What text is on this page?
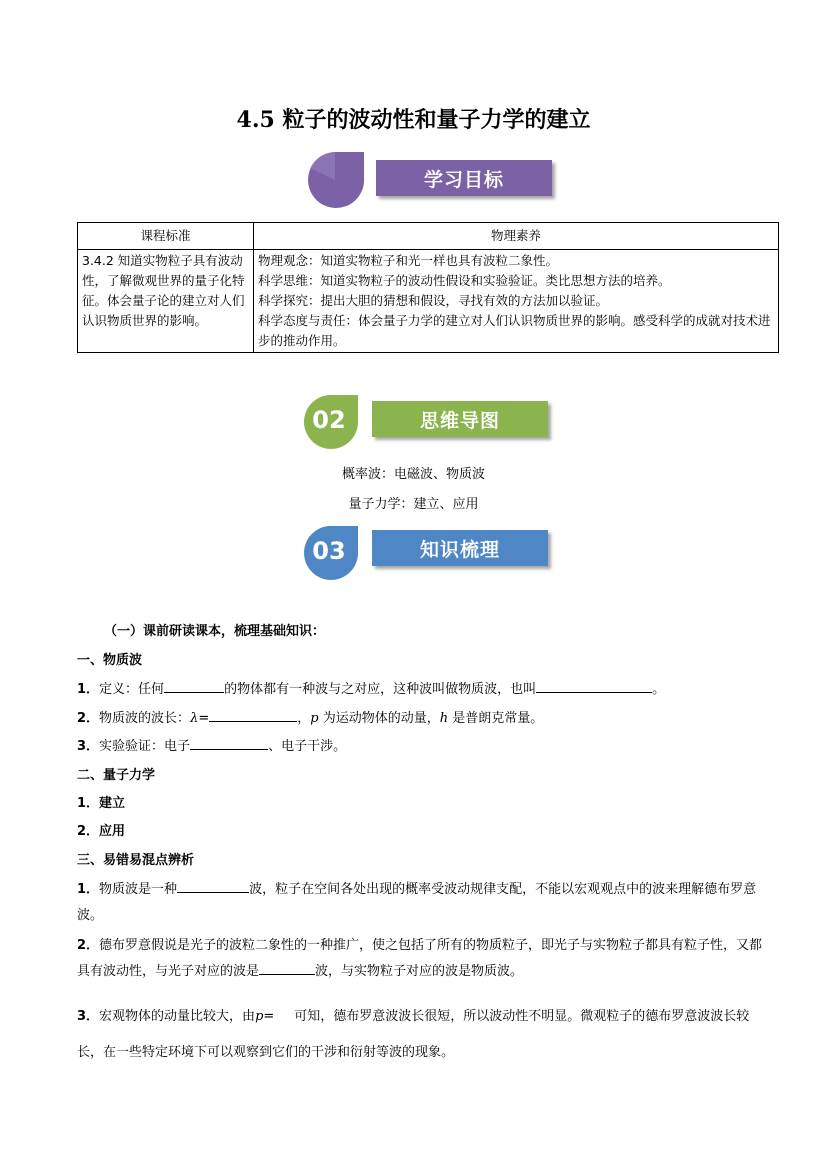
4.5 粒子的波动性和量子力学的建立
学习目标
课程标准	物理素养
3.4.2 知道实物粒子具有波动性，了解微观世界的量子化特征。体会量子论的建立对人们认识物质世界的影响。	物理观念：知道实物粒子和光一样也具有波粒二象性。
科学思维：知道实物粒子的波动性假设和实验验证。类比思想方法的培养。
科学探究：提出大胆的猜想和假设，寻找有效的方法加以验证。
科学态度与责任：体会量子力学的建立对人们认识物质世界的影响。感受科学的成就对技术进步的推动作用。
02	思维导图
概率波：电磁波、物质波
量子力学：建立、应用
03	知识梳理
（一）课前研读课本，梳理基础知识：
一、物质波
1．定义：任何	的物体都有一种波与之对应，这种波叫做物质波，也叫	。
2．物质波的波长：λ=	，p 为运动物体的动量，h 是普朗克常量。
3．实验验证：电子	、电子干涉。
二、量子力学
1．建立
2．应用
三、易错易混点辨析
1．物质波是一种	波，粒子在空间各处出现的概率受波动规律支配，不能以宏观观点中的波来理解德布罗意波。
2．德布罗意假说是光子的波粒二象性的一种推广，使之包括了所有的物质粒子，即光子与实物粒子都具有粒子性，又都具有波动性，与光子对应的波是	波，与实物粒子对应的波是物质波。
3．宏观物体的动量比较大，由p= 可知，德布罗意波波长很短，所以波动性不明显。微观粒子的德布罗意波波长较长，在一些特定环境下可以观察到它们的干涉和衍射等波的现象。
